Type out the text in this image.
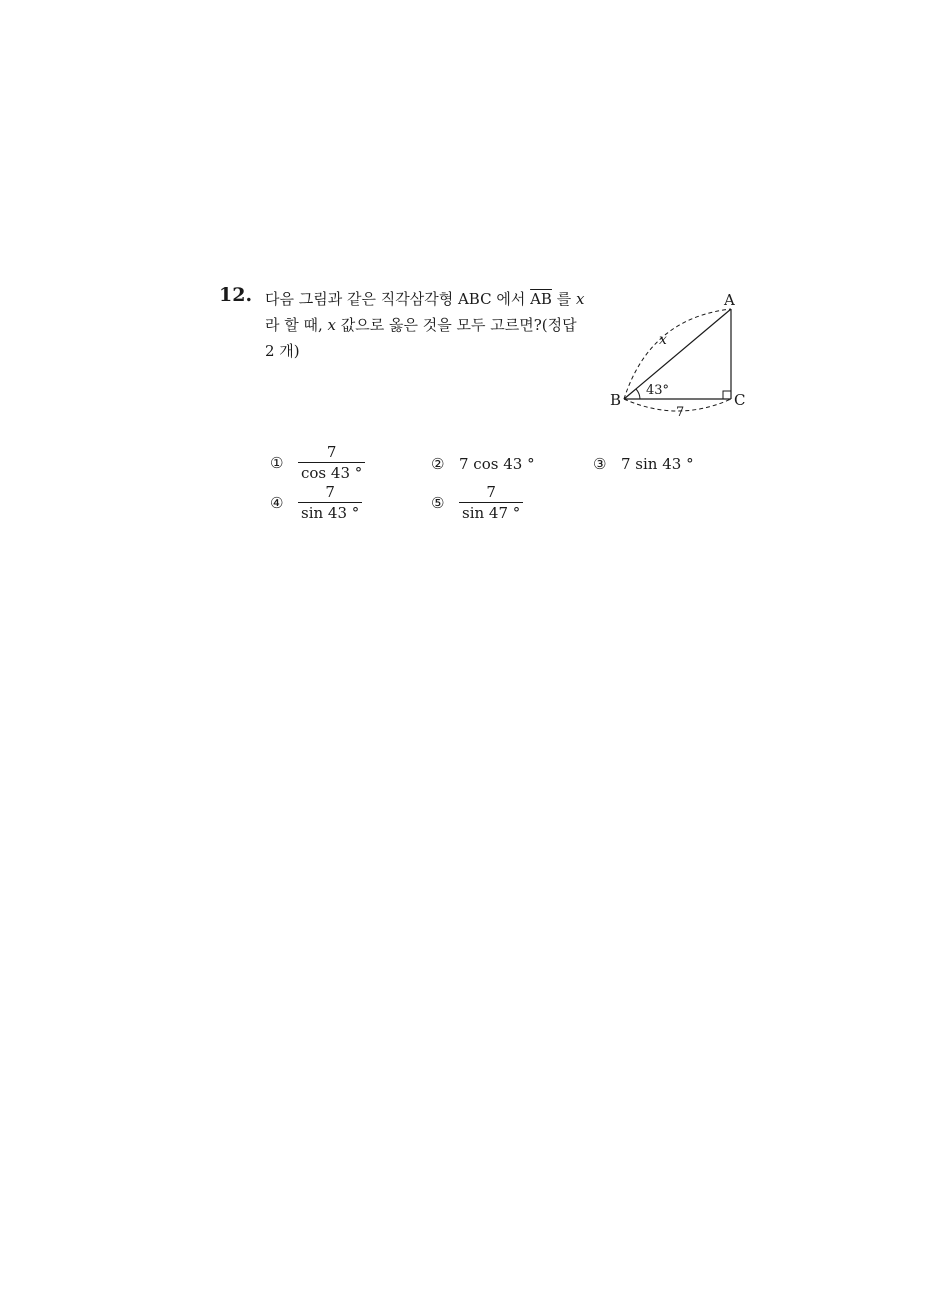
12. 다음 그림과 같은 직각삼각형 ABC 에서 $\overline{AB}$ 를 x
라 할 때, x 값으로 옳은 것을 모두 고르면?(정답
2 개)
A
B	C
x
43°
7
① $\frac{7}{\cos 43 ^\circ}$	② 7 cos 43 °	③ 7 sin 43 °
④ $\frac{7}{\sin 43 ^\circ}$	⑤ $\frac{7}{\sin 47 ^\circ}$
